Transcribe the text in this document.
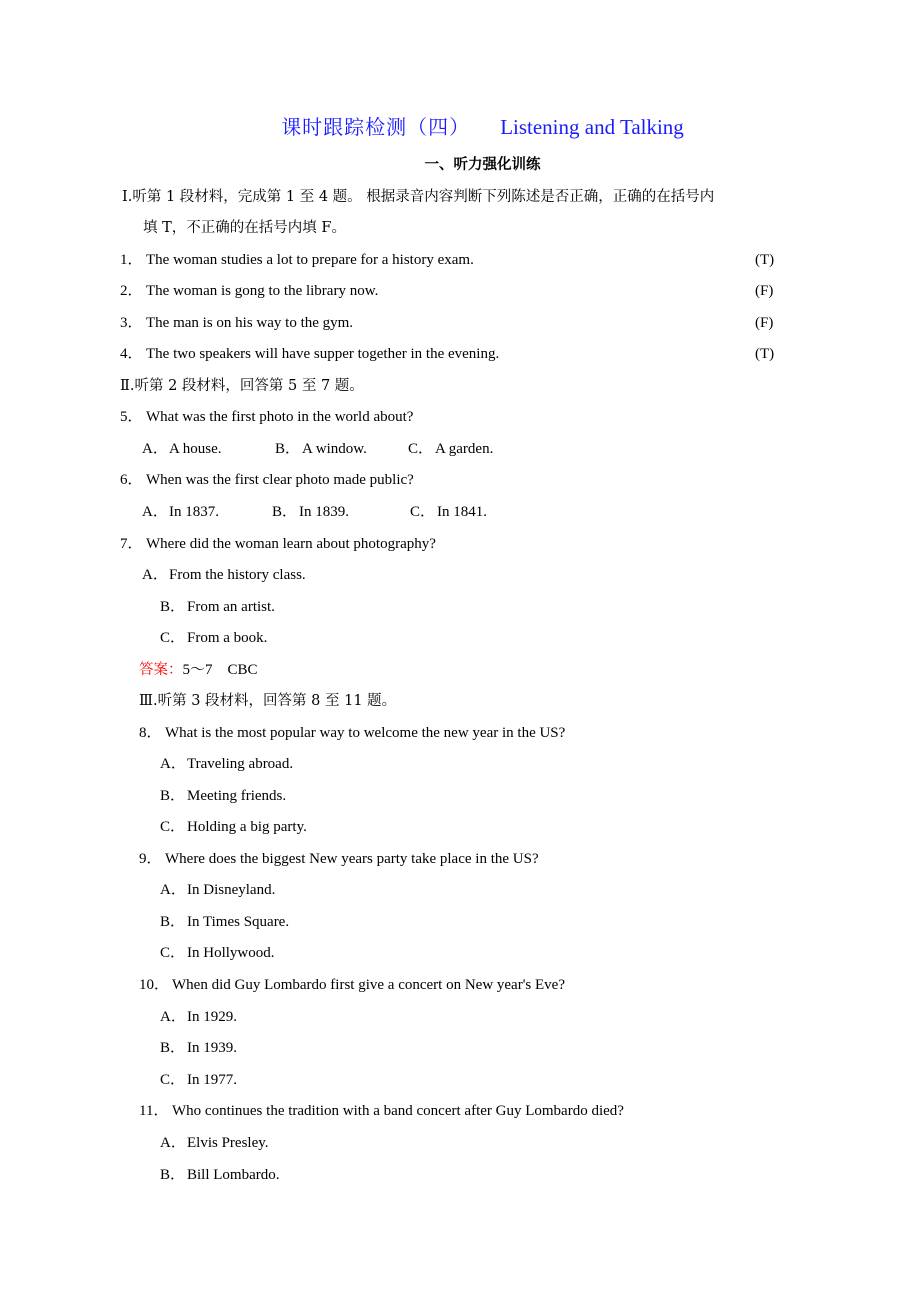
课时跟踪检测（四） Listening and Talking
一、听力强化训练
Ⅰ.听第 1 段材料，完成第 1 至 4 题。 根据录音内容判断下列陈述是否正确，正确的在括号内
填 T，不正确的在括号内填 F。
1． The woman studies a lot to prepare for a history exam.	(T)
2． The woman is gong to the library now.	(F)
3． The man is on his way to the gym.	(F)
4． The two speakers will have supper together in the evening.	(T)
Ⅱ.听第 2 段材料，回答第 5 至 7 题。
5． What was the first photo in the world about?
A．A house.	B． A window.	C． A garden.
6． When was the first clear photo made public?
A．In 1837.	B． In 1839.	C． In 1841.
7． Where did the woman learn about photography?
A．From the history class.
B． From an artist.
C． From a book.
答案：5～7　CBC
Ⅲ.听第 3 段材料，回答第 8 至 11 题。
8． What is the most popular way to welcome the new year in the US?
A．Traveling abroad.
B． Meeting friends.
C． Holding a big party.
9． Where does the biggest New years party take place in the US?
A．In Disneyland.
B． In Times Square.
C． In Hollywood.
10． When did Guy Lombardo first give a concert on New year's Eve?
A．In 1929.
B． In 1939.
C． In 1977.
11． Who continues the tradition with a band concert after Guy Lombardo died?
A．Elvis Presley.
B． Bill Lombardo.
